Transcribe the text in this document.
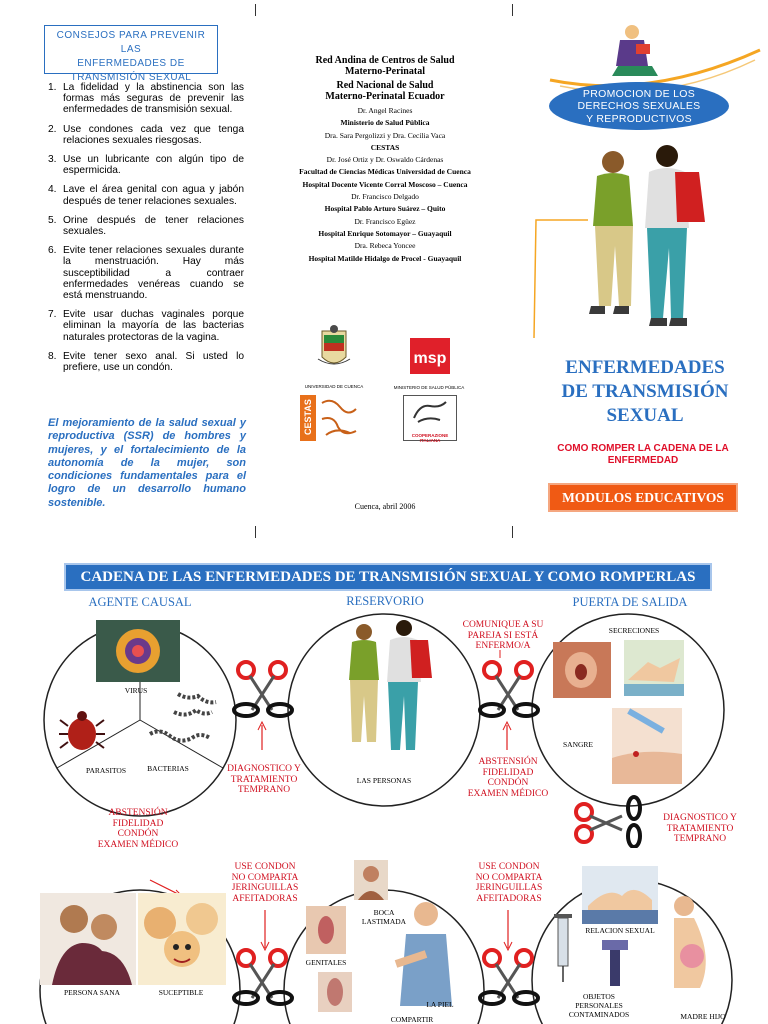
CONSEJOS PARA PREVENIR LAS
ENFERMEDADES DE
TRANSMISIÓN SEXUAL
1. La fidelidad y la abstinencia son las formas más seguras de prevenir las enfermedades de transmisión sexual.
2. Use condones cada vez que tenga relaciones sexuales riesgosas.
3. Use un lubricante con algún tipo de espermicida.
4. Lave el área genital con agua y jabón después de tener relaciones sexuales.
5. Orine después de tener relaciones sexuales.
6. Evite tener relaciones sexuales durante la menstruación. Hay más susceptibilidad a contraer enfermedades venéreas cuando se está menstruando.
7. Evite usar duchas vaginales porque eliminan la mayoría de las bacterias naturales protectoras de la vagina.
8. Evite tener sexo anal. Si usted lo prefiere, use un condón.
El mejoramiento de la salud sexual y reproductiva (SSR) de hombres y mujeres, y el fortalecimiento de la autonomía de la mujer, son condiciones fundamentales para el logro de un desarrollo humano sostenible.
Red Andina de Centros de Salud Materno-Perinatal
Red Nacional de Salud Materno-Perinatal Ecuador
Dr. Angel Racines
Ministerio de Salud Pública
Dra. Sara Pergolizzi y Dra. Cecilia Vaca
CESTAS
Dr. José Ortiz y Dr. Oswaldo Cárdenas
Facultad de Ciencias Médicas Universidad de Cuenca
Hospital Docente Vicente Corral Moscoso – Cuenca
Dr. Francisco Delgado
Hospital Pablo Arturo Suárez – Quito
Dr. Francisco Egüez
Hospital Enrique Sotomayor – Guayaquil
Dra. Rebeca Yoncee
Hospital Matilde Hidalgo de Procel - Guayaquil
UNIVERSIDAD DE CUENCA
msp
MINISTERIO DE SALUD PÚBLICA
CESTAS
COOPERAZIONE ITALIANA
Cuenca, abril 2006
PROMOCION DE LOS
DERECHOS SEXUALES
Y REPRODUCTIVOS
ENFERMEDADES
DE TRANSMISIÓN
SEXUAL
COMO ROMPER LA CADENA DE LA
ENFERMEDAD
MODULOS EDUCATIVOS
CADENA DE LAS ENFERMEDADES DE TRANSMISIÓN SEXUAL Y COMO ROMPERLAS
AGENTE CAUSAL	RESERVORIO	PUERTA DE SALIDA
VIRUS
PARASITOS	BACTERIAS
LAS PERSONAS
SECRECIONES
SANGRE
DIAGNOSTICO Y
TRATAMIENTO
TEMPRANO
COMUNIQUE A SU
PAREJA SI ESTÁ
ENFERMO/A
ABSTENSIÓN
FIDELIDAD
CONDÓN
EXAMEN MÉDICO
DIAGNOSTICO Y
TRATAMIENTO
TEMPRANO
ABSTENSIÓN
FIDELIDAD
CONDÓN
EXAMEN MÉDICO
USE CONDON
NO COMPARTA
JERINGUILLAS
AFEITADORAS
USE CONDON
NO COMPARTA
JERINGUILLAS
AFEITADORAS
PERSONA SANA	SUCEPTIBLE
BOCA
LASTIMADA
GENITALES
LA PIEL
COMPARTIR
RELACION SEXUAL
OBJETOS
PERSONALES
CONTAMINADOS	MADRE HIJO
